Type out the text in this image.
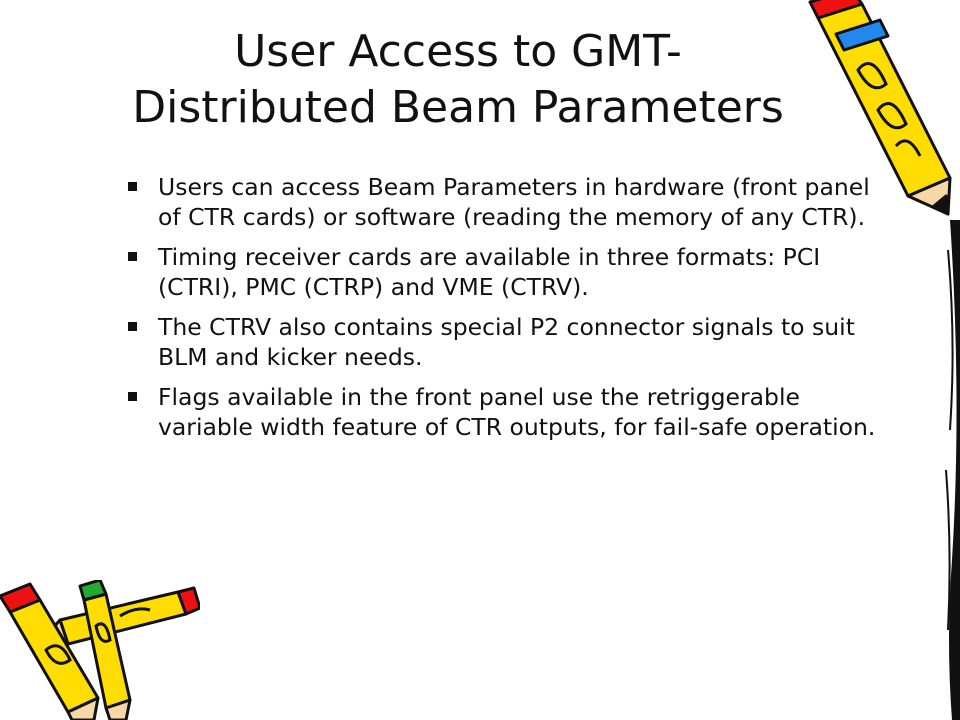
User Access to GMT-
Distributed Beam Parameters
Users can access Beam Parameters in hardware (front panel of CTR cards) or software (reading the memory of any CTR).
Timing receiver cards are available in three formats: PCI (CTRI), PMC (CTRP) and VME (CTRV).
The CTRV also contains special P2 connector signals to suit BLM and kicker needs.
Flags available in the front panel use the retriggerable variable width feature of CTR outputs, for fail-safe operation.
